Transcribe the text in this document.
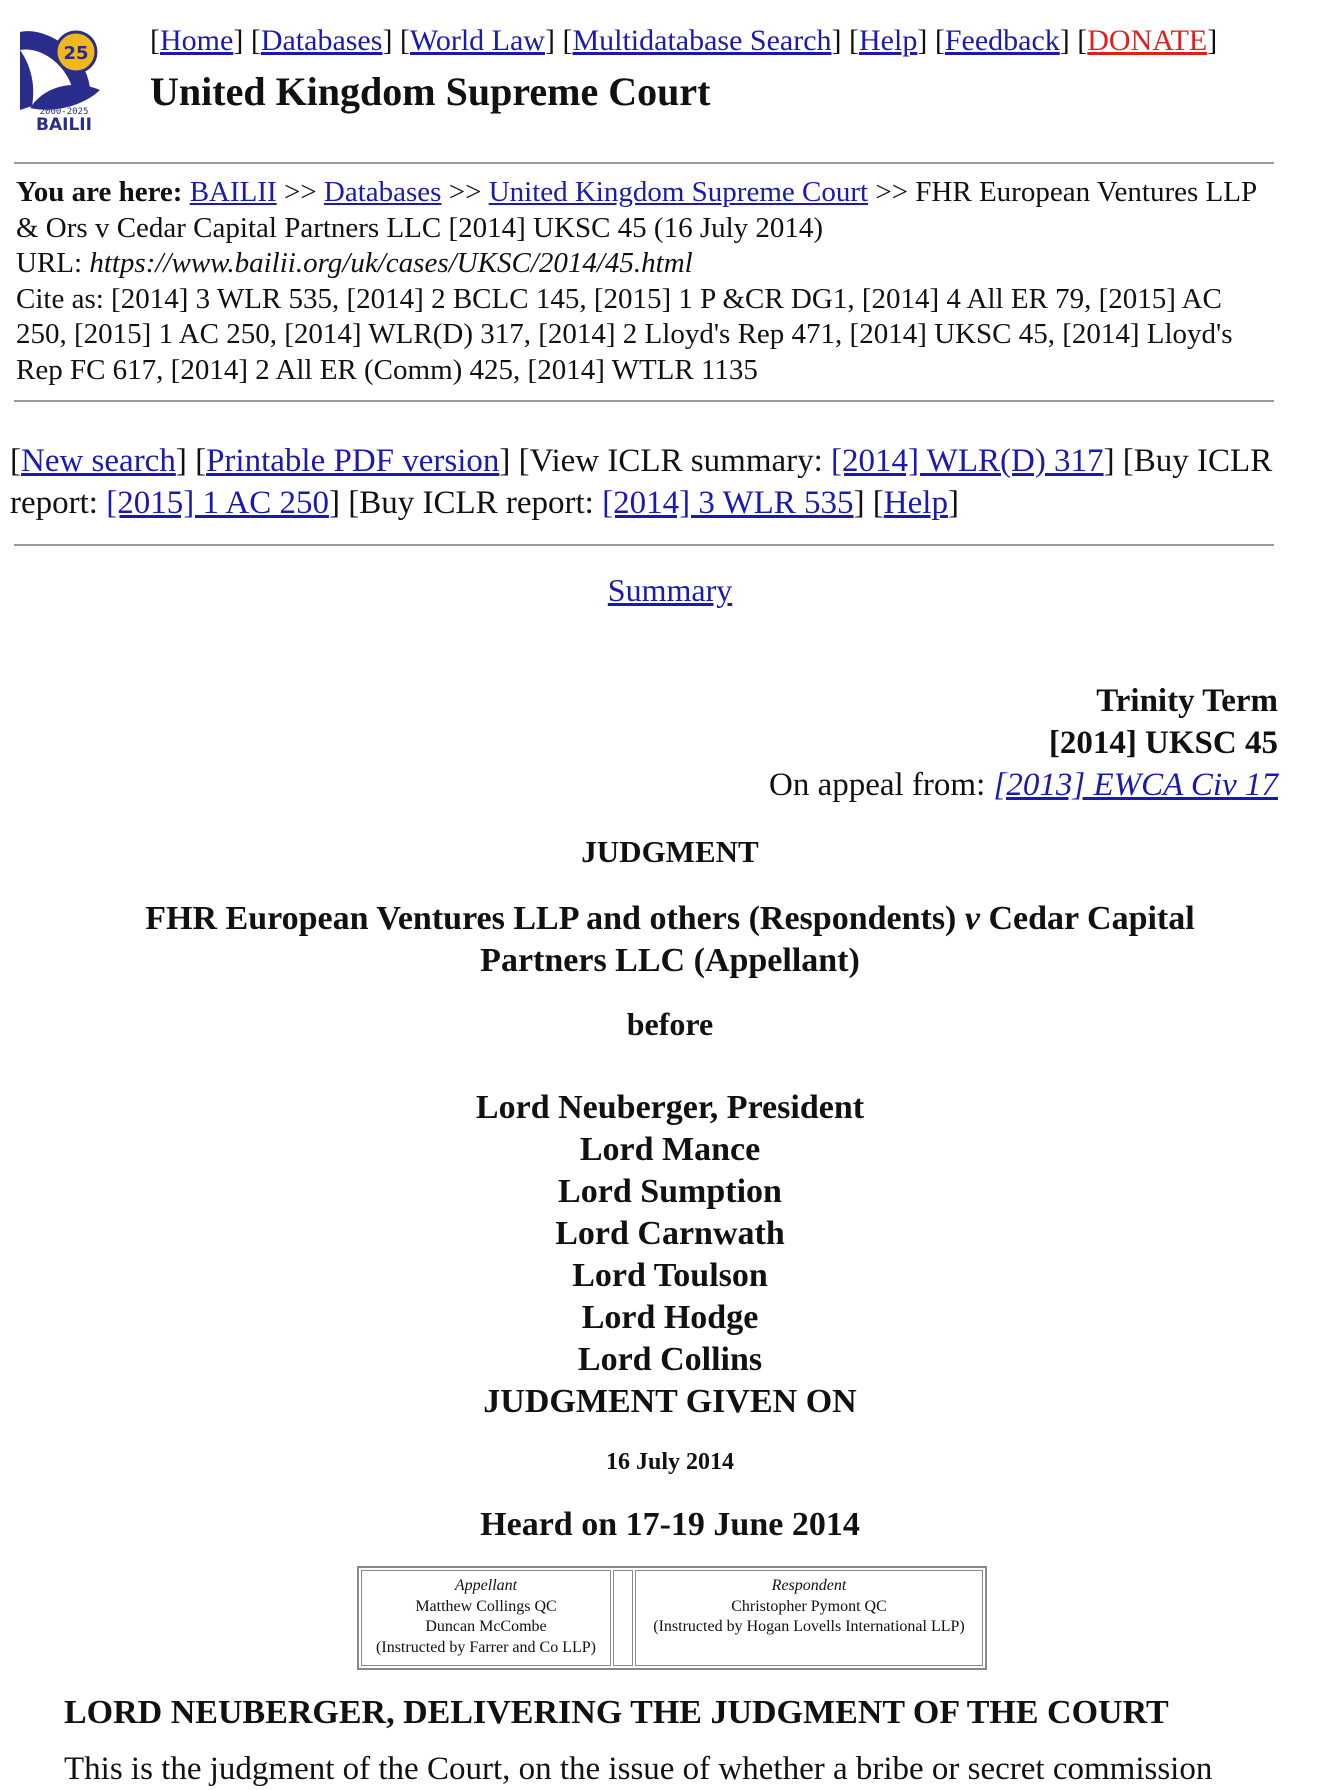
25
2000-2025
BAILII
[Home] [Databases] [World Law] [Multidatabase Search] [Help] [Feedback] [DONATE]
United Kingdom Supreme Court
You are here: BAILII >> Databases >> United Kingdom Supreme Court >> FHR European Ventures LLP & Ors v Cedar Capital Partners LLC [2014] UKSC 45 (16 July 2014)
URL: https://www.bailii.org/uk/cases/UKSC/2014/45.html
Cite as: [2014] 3 WLR 535, [2014] 2 BCLC 145, [2015] 1 P &CR DG1, [2014] 4 All ER 79, [2015] AC 250, [2015] 1 AC 250, [2014] WLR(D) 317, [2014] 2 Lloyd's Rep 471, [2014] UKSC 45, [2014] Lloyd's Rep FC 617, [2014] 2 All ER (Comm) 425, [2014] WTLR 1135
[New search] [Printable PDF version] [View ICLR summary: [2014] WLR(D) 317] [Buy ICLR report: [2015] 1 AC 250] [Buy ICLR report: [2014] 3 WLR 535] [Help]
Summary
Trinity Term
[2014] UKSC 45
On appeal from: [2013] EWCA Civ 17
JUDGMENT
FHR European Ventures LLP and others (Respondents) v Cedar Capital Partners LLC (Appellant)
before
Lord Neuberger, President
Lord Mance
Lord Sumption
Lord Carnwath
Lord Toulson
Lord Hodge
Lord Collins
JUDGMENT GIVEN ON
16 July 2014
Heard on 17-19 June 2014
Appellant
Matthew Collings QC
Duncan McCombe
(Instructed by Farrer and Co LLP)
Respondent
Christopher Pymont QC
(Instructed by Hogan Lovells International LLP)
LORD NEUBERGER, DELIVERING THE JUDGMENT OF THE COURT
This is the judgment of the Court, on the issue of whether a bribe or secret commission
